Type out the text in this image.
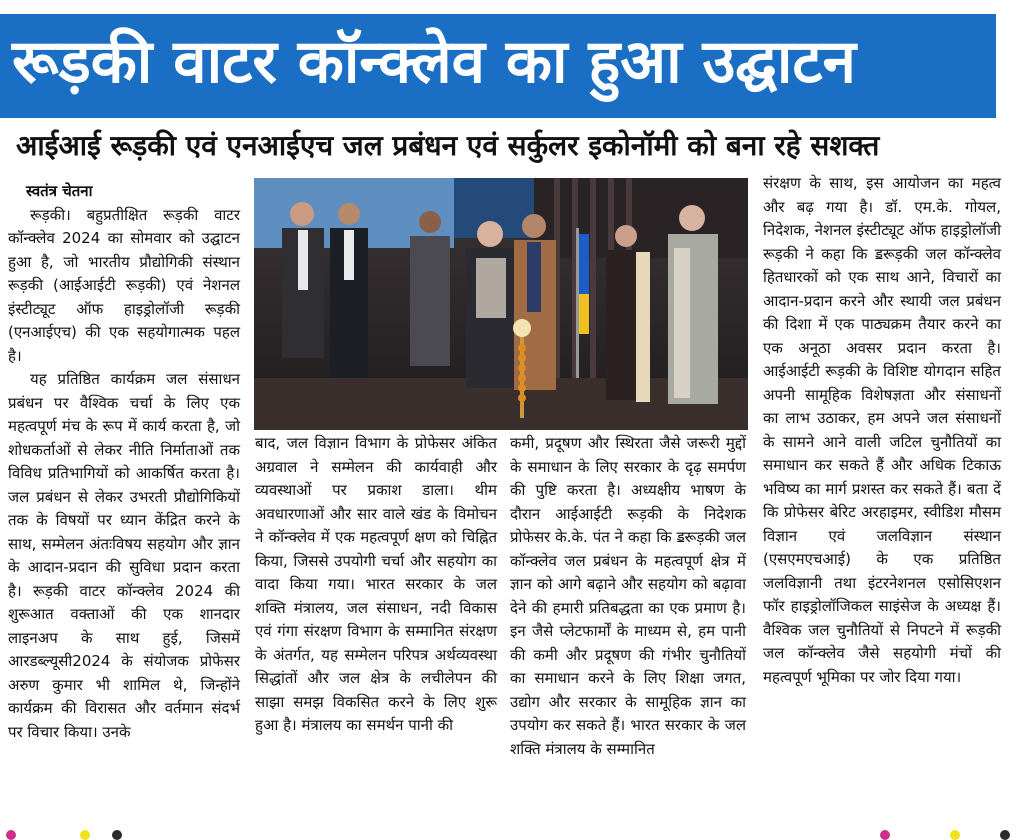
रूड़की वाटर कॉन्क्लेव का हुआ उद्घाटन
आईआई रूड़की एवं एनआईएच जल प्रबंधन एवं सर्कुलर इकोनॉमी को बना रहे सशक्त

स्वतंत्र चेतना

रूड़की। बहुप्रतीक्षित रूड़की वाटर कॉन्क्लेव 2024 का सोमवार को उद्घाटन हुआ है, जो भारतीय प्रौद्योगिकी संस्थान रूड़की (आईआईटी रूड़की) एवं नेशनल इंस्टीट्यूट ऑफ हाइड्रोलॉजी रूड़की (एनआईएच) की एक सहयोगात्मक पहल है।

यह प्रतिष्ठित कार्यक्रम जल संसाधन प्रबंधन पर वैश्विक चर्चा के लिए एक महत्वपूर्ण मंच के रूप में कार्य करता है, जो शोधकर्ताओं से लेकर नीति निर्माताओं तक विविध प्रतिभागियों को आकर्षित करता है। जल प्रबंधन से लेकर उभरती प्रौद्योगिकियों तक के विषयों पर ध्यान केंद्रित करने के साथ, सम्मेलन अंतःविषय सहयोग और ज्ञान के आदान-प्रदान की सुविधा प्रदान करता है। रूड़की वाटर कॉन्क्लेव 2024 की शुरूआत वक्ताओं की एक शानदार लाइनअप के साथ हुई, जिसमें आरडब्ल्यूसी2024 के संयोजक प्रोफेसर अरुण कुमार भी शामिल थे, जिन्होंने कार्यक्रम की विरासत और वर्तमान संदर्भ पर विचार किया। उनके

बाद, जल विज्ञान विभाग के प्रोफेसर अंकित अग्रवाल ने सम्मेलन की कार्यवाही और व्यवस्थाओं पर प्रकाश डाला। थीम अवधारणाओं और सार वाले खंड के विमोचन ने कॉन्क्लेव में एक महत्वपूर्ण क्षण को चिह्नित किया, जिससे उपयोगी चर्चा और सहयोग का वादा किया गया। भारत सरकार के जल शक्ति मंत्रालय, जल संसाधन, नदी विकास एवं गंगा संरक्षण विभाग के सम्मानित संरक्षण के अंतर्गत, यह सम्मेलन परिपत्र अर्थव्यवस्था सिद्धांतों और जल क्षेत्र के लचीलेपन की साझा समझ विकसित करने के लिए शुरू हुआ है। मंत्रालय का समर्थन पानी की

कमी, प्रदूषण और स्थिरता जैसे जरूरी मुद्दों के समाधान के लिए सरकार के दृढ़ समर्पण की पुष्टि करता है। अध्यक्षीय भाषण के दौरान आईआईटी रूड़की के निदेशक प्रोफेसर के.के. पंत ने कहा कि ॾरूड़की जल कॉन्क्लेव जल प्रबंधन के महत्वपूर्ण क्षेत्र में ज्ञान को आगे बढ़ाने और सहयोग को बढ़ावा देने की हमारी प्रतिबद्धता का एक प्रमाण है। इन जैसे प्लेटफार्मों के माध्यम से, हम पानी की कमी और प्रदूषण की गंभीर चुनौतियों का समाधान करने के लिए शिक्षा जगत, उद्योग और सरकार के सामूहिक ज्ञान का उपयोग कर सकते हैं। भारत सरकार के जल शक्ति मंत्रालय के सम्मानित

संरक्षण के साथ, इस आयोजन का महत्व और बढ़ गया है। डॉ. एम.के. गोयल, निदेशक, नेशनल इंस्टीट्यूट ऑफ हाइड्रोलॉजी रूड़की ने कहा कि ॾरूड़की जल कॉन्क्लेव हितधारकों को एक साथ आने, विचारों का आदान-प्रदान करने और स्थायी जल प्रबंधन की दिशा में एक पाठ्यक्रम तैयार करने का एक अनूठा अवसर प्रदान करता है। आईआईटी रूड़की के विशिष्ट योगदान सहित अपनी सामूहिक विशेषज्ञता और संसाधनों का लाभ उठाकर, हम अपने जल संसाधनों के सामने आने वाली जटिल चुनौतियों का समाधान कर सकते हैं और अधिक टिकाऊ भविष्य का मार्ग प्रशस्त कर सकते हैं। बता दें कि प्रोफेसर बेरिट अरहाइमर, स्वीडिश मौसम विज्ञान एवं जलविज्ञान संस्थान (एसएमएचआई) के एक प्रतिष्ठित जलविज्ञानी तथा इंटरनेशनल एसोसिएशन फॉर हाइड्रोलॉजिकल साइंसेज के अध्यक्ष हैं। वैश्विक जल चुनौतियों से निपटने में रूड़की जल कॉन्क्लेव जैसे सहयोगी मंचों की महत्वपूर्ण भूमिका पर जोर दिया गया।
